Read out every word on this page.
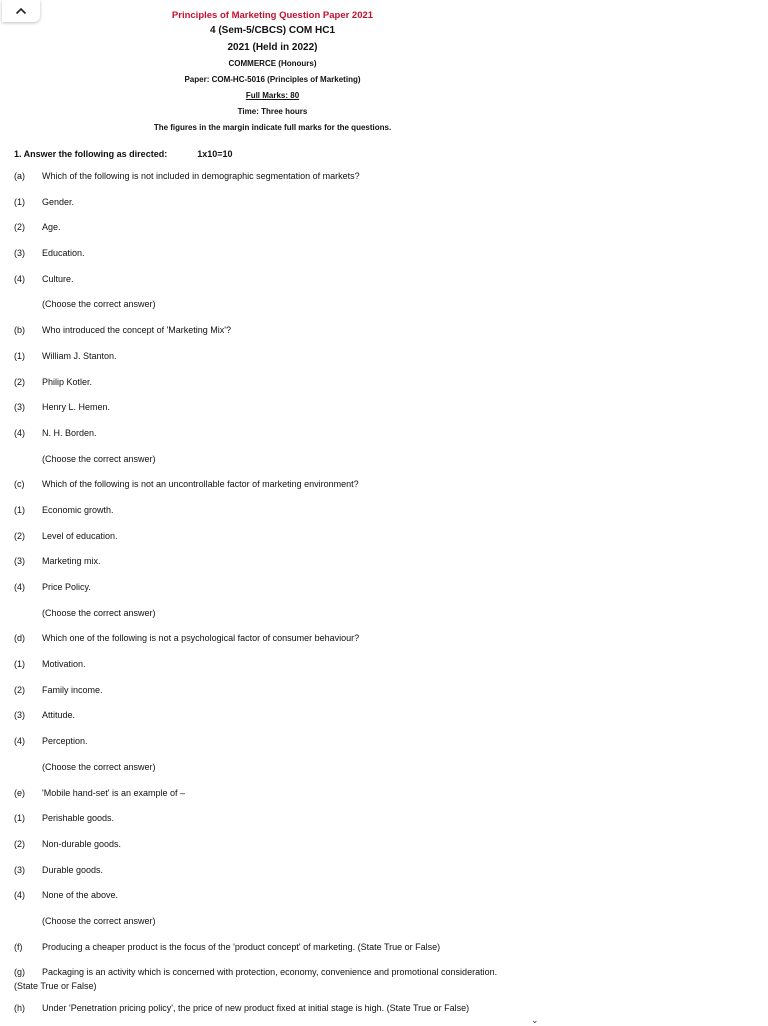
Principles of Marketing Question Paper 2021
4 (Sem-5/CBCS) COM HC1
2021 (Held in 2022)
COMMERCE (Honours)
Paper: COM-HC-5016 (Principles of Marketing)
Full Marks: 80
Time: Three hours
The figures in the margin indicate full marks for the questions.
1. Answer the following as directed:	1x10=10
(a)	Which of the following is not included in demographic segmentation of markets?
(1)	Gender.
(2)	Age.
(3)	Education.
(4)	Culture.
(Choose the correct answer)
(b)	Who introduced the concept of 'Marketing Mix'?
(1)	William J. Stanton.
(2)	Philip Kotler.
(3)	Henry L. Hemen.
(4)	N. H. Borden.
(Choose the correct answer)
(c)	Which of the following is not an uncontrollable factor of marketing environment?
(1)	Economic growth.
(2)	Level of education.
(3)	Marketing mix.
(4)	Price Policy.
(Choose the correct answer)
(d)	Which one of the following is not a psychological factor of consumer behaviour?
(1)	Motivation.
(2)	Family income.
(3)	Attitude.
(4)	Perception.
(Choose the correct answer)
(e)	'Mobile hand-set' is an example of –
(1)	Perishable goods.
(2)	Non-durable goods.
(3)	Durable goods.
(4)	None of the above.
(Choose the correct answer)
(f)	Producing a cheaper product is the focus of the 'product concept' of marketing. (State True or False)
(g)	Packaging is an activity which is concerned with protection, economy, convenience and promotional consideration.
(State True or False)
(h)	Under 'Penetration pricing policy', the price of new product fixed at initial stage is high. (State True or False)
⌄
